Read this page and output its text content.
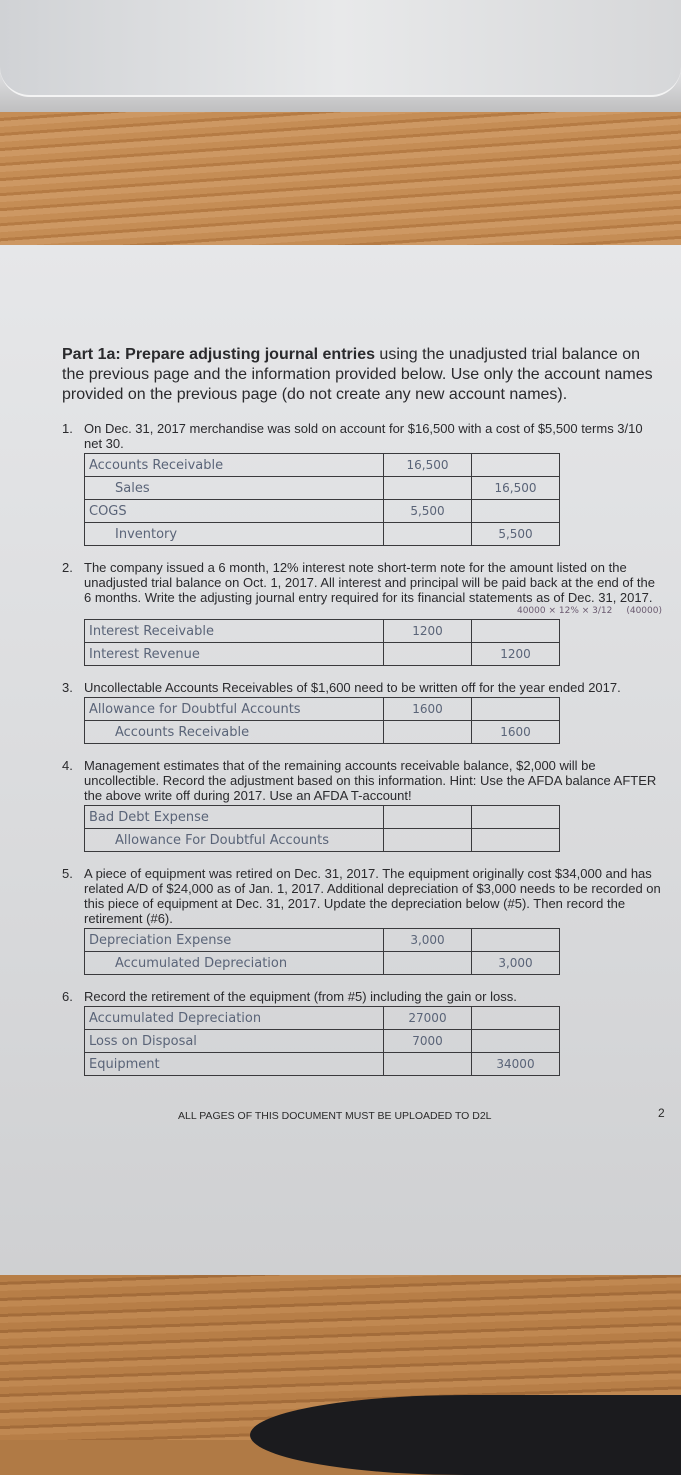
Part 1a: Prepare adjusting journal entries using the unadjusted trial balance on the previous page and the information provided below. Use only the account names provided on the previous page (do not create any new account names).
1. On Dec. 31, 2017 merchandise was sold on account for $16,500 with a cost of $5,500 terms 3/10 net 30.
Accounts Receivable	16,500	
Sales		16,500
COGS	5,500	
Inventory		5,500
2. The company issued a 6 month, 12% interest note short-term note for the amount listed on the unadjusted trial balance on Oct. 1, 2017. All interest and principal will be paid back at the end of the 6 months. Write the adjusting journal entry required for its financial statements as of Dec. 31, 2017.
40000 × 12% × 3/12 (40000)
Interest Receivable	1200	
Interest Revenue		1200
3. Uncollectable Accounts Receivables of $1,600 need to be written off for the year ended 2017.
Allowance for Doubtful Accounts	1600	
Accounts Receivable		1600
4. Management estimates that of the remaining accounts receivable balance, $2,000 will be uncollectible. Record the adjustment based on this information. Hint: Use the AFDA balance AFTER the above write off during 2017. Use an AFDA T-account!
Bad Debt Expense		
Allowance For Doubtful Accounts		
5. A piece of equipment was retired on Dec. 31, 2017. The equipment originally cost $34,000 and has related A/D of $24,000 as of Jan. 1, 2017. Additional depreciation of $3,000 needs to be recorded on this piece of equipment at Dec. 31, 2017. Update the depreciation below (#5). Then record the retirement (#6).
Depreciation Expense	3,000	
Accumulated Depreciation		3,000
6. Record the retirement of the equipment (from #5) including the gain or loss.
Accumulated Depreciation	27000	
Loss on Disposal	7000	
Equipment		34000
ALL PAGES OF THIS DOCUMENT MUST BE UPLOADED TO D2L	2
